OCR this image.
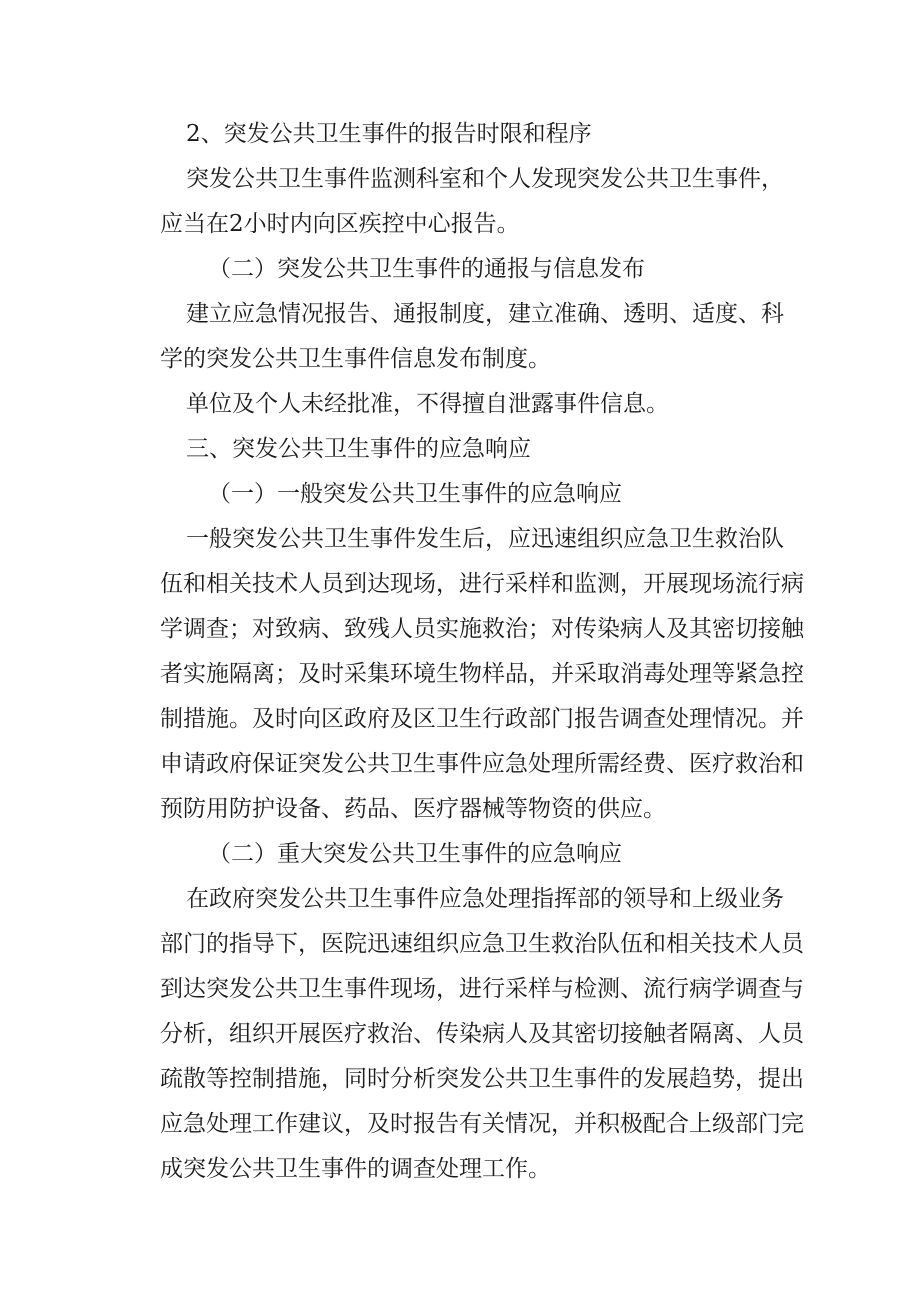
2、突发公共卫生事件的报告时限和程序
突发公共卫生事件监测科室和个人发现突发公共卫生事件，
应当在2小时内向区疾控中心报告。
（二）突发公共卫生事件的通报与信息发布
建立应急情况报告、通报制度，建立准确、透明、适度、科
学的突发公共卫生事件信息发布制度。
单位及个人未经批准，不得擅自泄露事件信息。
三、突发公共卫生事件的应急响应
（一）一般突发公共卫生事件的应急响应
一般突发公共卫生事件发生后，应迅速组织应急卫生救治队
伍和相关技术人员到达现场，进行采样和监测，开展现场流行病
学调查；对致病、致残人员实施救治；对传染病人及其密切接触
者实施隔离；及时采集环境生物样品，并采取消毒处理等紧急控
制措施。及时向区政府及区卫生行政部门报告调查处理情况。并
申请政府保证突发公共卫生事件应急处理所需经费、医疗救治和
预防用防护设备、药品、医疗器械等物资的供应。
（二）重大突发公共卫生事件的应急响应
在政府突发公共卫生事件应急处理指挥部的领导和上级业务
部门的指导下，医院迅速组织应急卫生救治队伍和相关技术人员
到达突发公共卫生事件现场，进行采样与检测、流行病学调查与
分析，组织开展医疗救治、传染病人及其密切接触者隔离、人员
疏散等控制措施，同时分析突发公共卫生事件的发展趋势，提出
应急处理工作建议，及时报告有关情况，并积极配合上级部门完
成突发公共卫生事件的调查处理工作。
